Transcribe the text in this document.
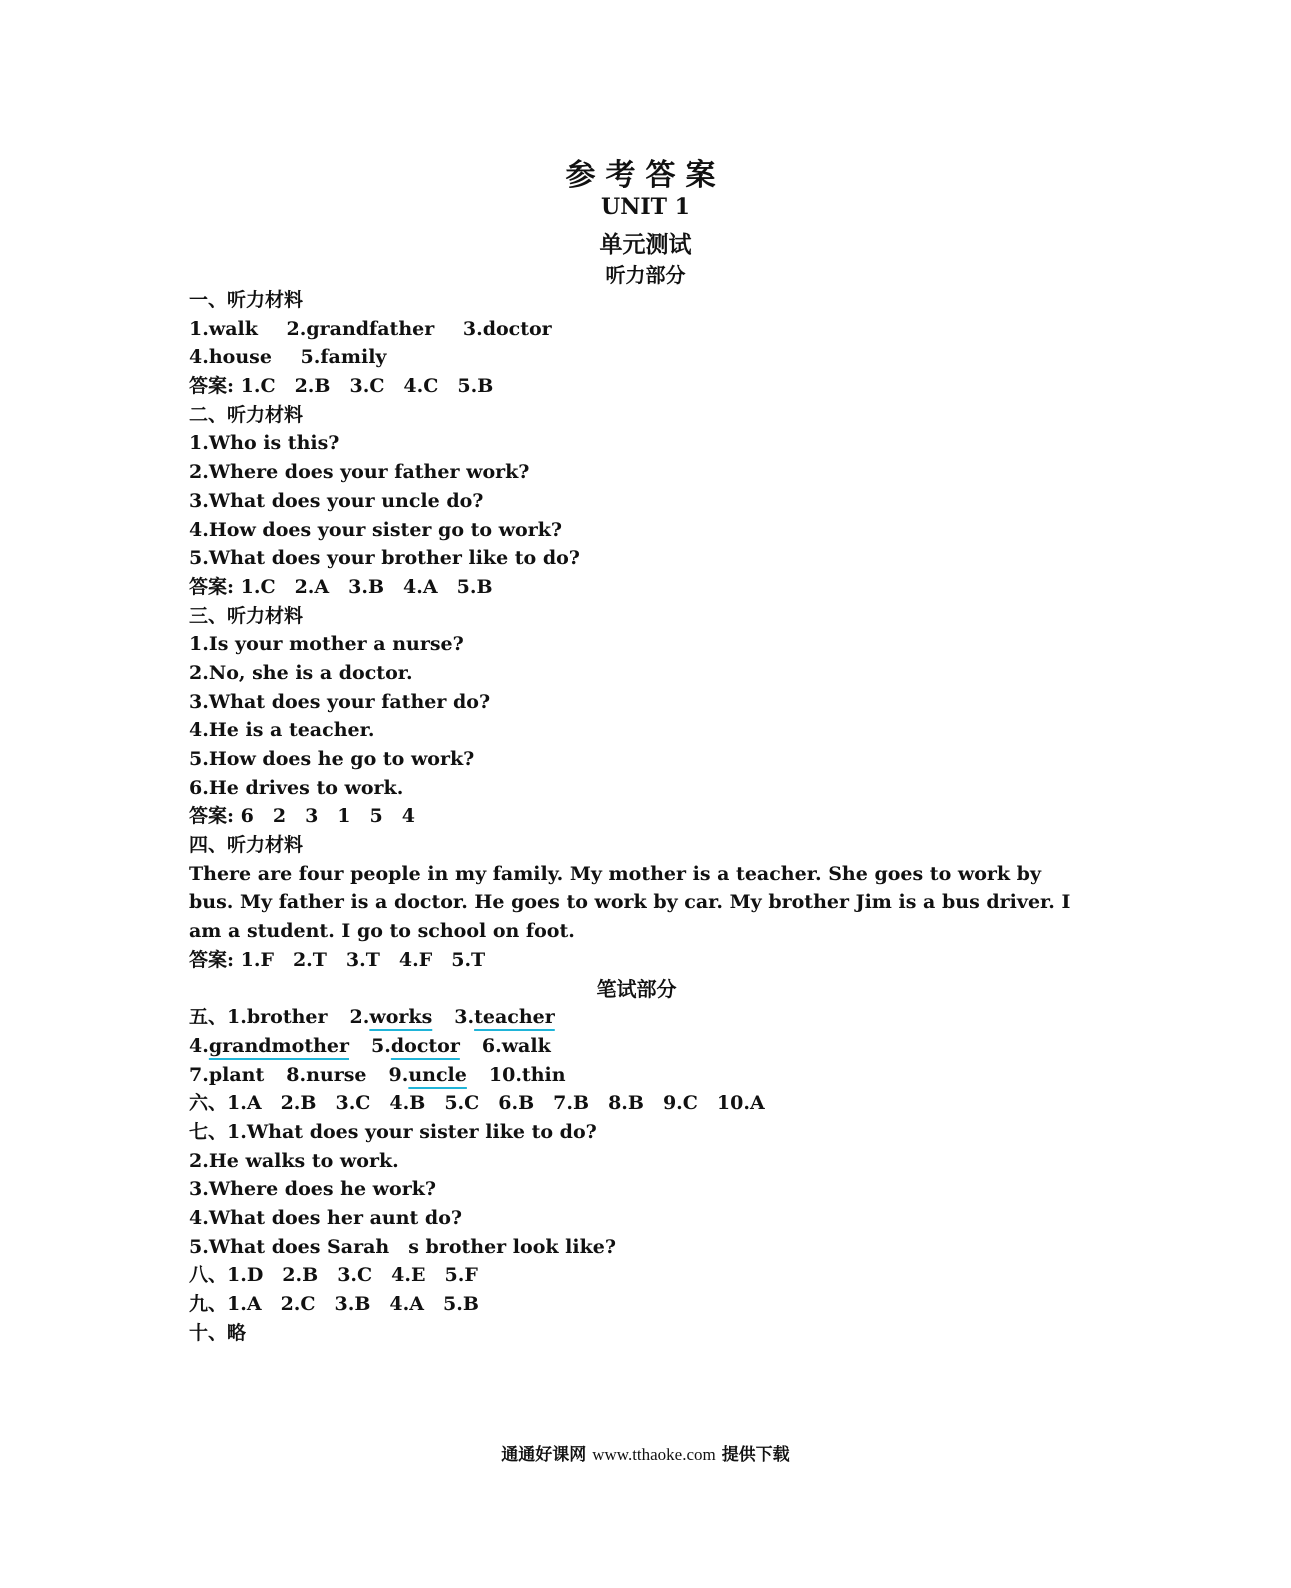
参考答案
UNIT 1
单元测试
听力部分
一、听力材料
1.walk 2.grandfather 3.doctor
4.house 5.family
答案: 1.C　2.B　3.C　4.C　5.B
二、听力材料
1.Who is this?
2.Where does your father work?
3.What does your uncle do?
4.How does your sister go to work?
5.What does your brother like to do?
答案: 1.C　2.A　3.B　4.A　5.B
三、听力材料
1.Is your mother a nurse?
2.No, she is a doctor.
3.What does your father do?
4.He is a teacher.
5.How does he go to work?
6.He drives to work.
答案: 6　2　3　1　5　4
四、听力材料
There are four people in my family. My mother is a teacher. She goes to work by bus. My father is a doctor. He goes to work by car. My brother Jim is a bus driver. I am a student. I go to school on foot.
答案: 1.F　2.T　3.T　4.F　5.T
笔试部分
五、1.brother 2.works 3.teacher
4.grandmother 5.doctor 6.walk
7.plant 8.nurse 9.uncle 10.thin
六、1.A　2.B　3.C　4.B　5.C　6.B　7.B　8.B　9.C　10.A
七、1.What does your sister like to do?
2.He walks to work.
3.Where does he work?
4.What does her aunt do?
5.What does Sarah　s brother look like?
八、1.D　2.B　3.C　4.E　5.F
九、1.A　2.C　3.B　4.A　5.B
十、略
通通好课网 www.tthaoke.com 提供下载
